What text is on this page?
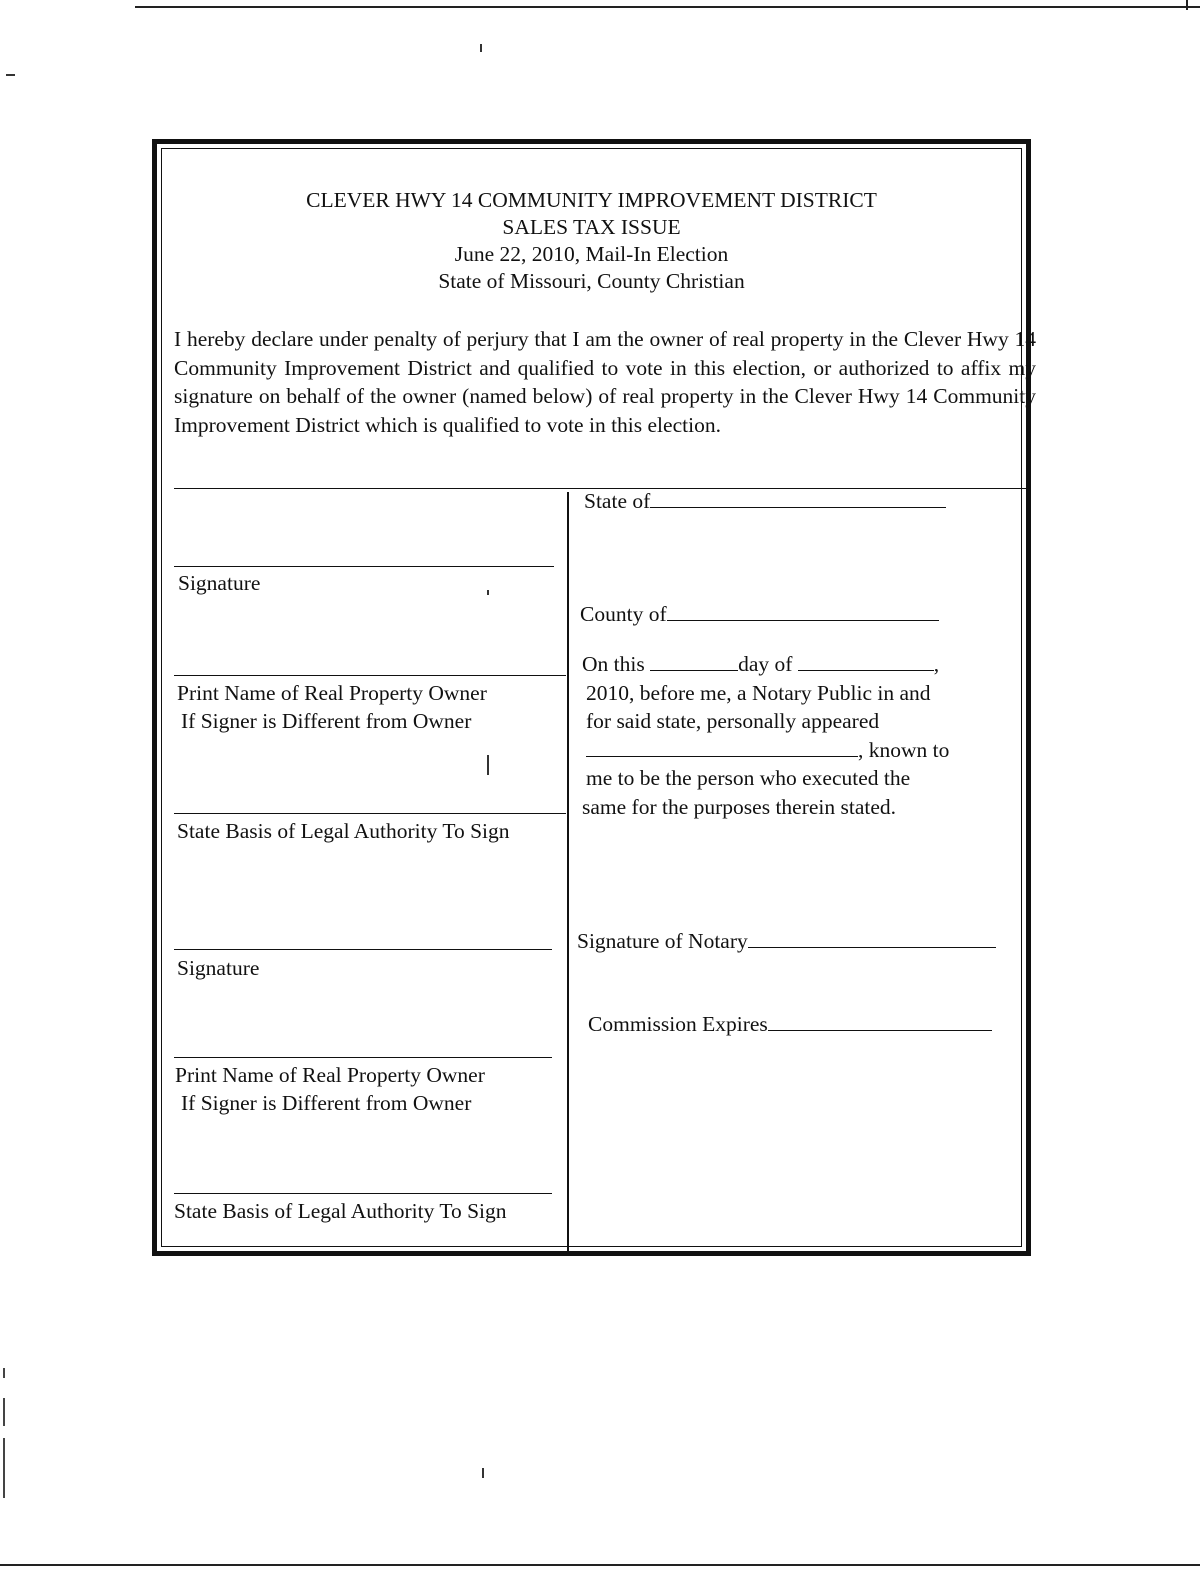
CLEVER HWY 14 COMMUNITY IMPROVEMENT DISTRICT
SALES TAX ISSUE
June 22, 2010, Mail-In Election
State of Missouri, County Christian
I hereby declare under penalty of perjury that I am the owner of real property in the Clever Hwy 14 Community Improvement District and qualified to vote in this election, or authorized to affix my signature on behalf of the owner (named below) of real property in the Clever Hwy 14 Community Improvement District which is qualified to vote in this election.
Signature
Print Name of Real Property Owner
If Signer is Different from Owner
State Basis of Legal Authority To Sign
Signature
Print Name of Real Property Owner
If Signer is Different from Owner
State Basis of Legal Authority To Sign
State of
County of
On this	day of	,
2010, before me, a Notary Public in and
for said state, personally appeared
, known to
me to be the person who executed the
same for the purposes therein stated.
Signature of Notary
Commission Expires
